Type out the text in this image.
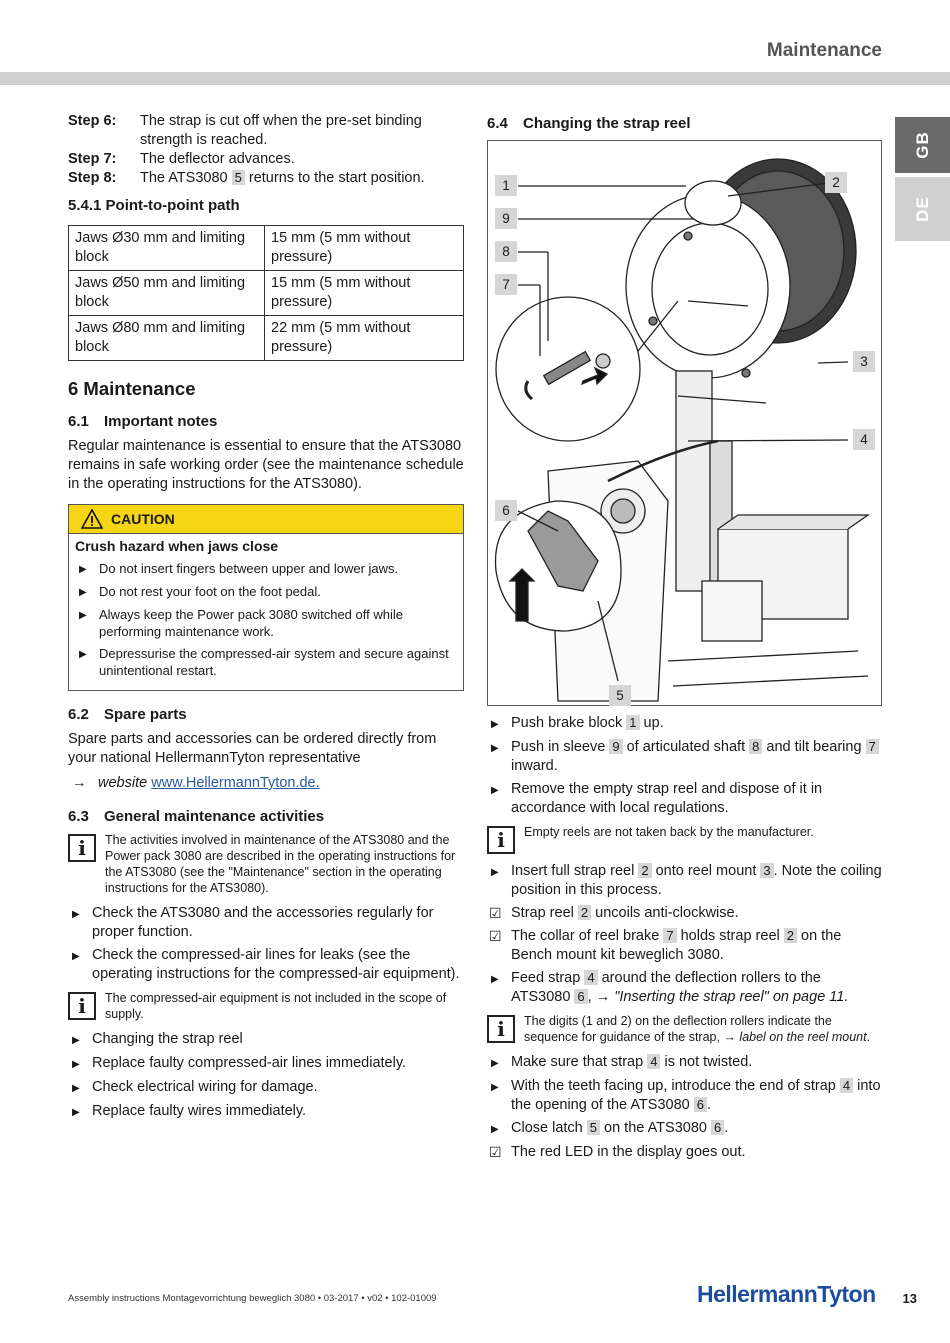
Maintenance
GB
DE
Step 6:	The strap is cut off when the pre-set binding strength is reached.
Step 7:	The deflector advances.
Step 8:	The ATS3080 5 returns to the start position.
5.4.1 Point-to-point path
Jaws Ø30 mm and limiting block	15 mm (5 mm without pressure)
Jaws Ø50 mm and limiting block	15 mm (5 mm without pressure)
Jaws Ø80 mm and limiting block	22 mm (5 mm without pressure)
6 Maintenance
6.1 Important notes

Regular maintenance is essential to ensure that the ATS3080 remains in safe working order (see the maintenance schedule in the operating instructions for the ATS3080).

CAUTION
Crush hazard when jaws close
▶ Do not insert fingers between upper and lower jaws.
▶ Do not rest your foot on the foot pedal.
▶ Always keep the Power pack 3080 switched off while performing maintenance work.
▶ Depressurise the compressed-air system and secure against unintentional restart.
6.2 Spare parts

Spare parts and accessories can be ordered directly from your national HellermannTyton representative

→ website www.HellermannTyton.de.
6.3 General maintenance activities
i	The activities involved in maintenance of the ATS3080 and the Power pack 3080 are described in the operating instructions for the ATS3080 (see the "Maintenance" section in the operating instructions for the ATS3080).
▶ Check the ATS3080 and the accessories regularly for proper function.
▶ Check the compressed-air lines for leaks (see the operating instructions for the compressed-air equipment).
i	The compressed-air equipment is not included in the scope of supply.
▶ Changing the strap reel
▶ Replace faulty compressed-air lines immediately.
▶ Check electrical wiring for damage.
▶ Replace faulty wires immediately.
6.4 Changing the strap reel
1
9
8
7
6
2
3
4
5
▶ Push brake block 1 up.
▶ Push in sleeve 9 of articulated shaft 8 and tilt bearing 7 inward.
▶ Remove the empty strap reel and dispose of it in accordance with local regulations.
i	Empty reels are not taken back by the manufacturer.
▶ Insert full strap reel 2 onto reel mount 3 . Note the coiling position in this process.
☑ Strap reel 2 uncoils anti-clockwise.
☑ The collar of reel brake 7 holds strap reel 2 on the Bench mount kit beweglich 3080.
▶ Feed strap 4 around the deflection rollers to the ATS3080 6 , → "Inserting the strap reel" on page 11.
i	The digits (1 and 2) on the deflection rollers indicate the sequence for guidance of the strap, → label on the reel mount.
▶ Make sure that strap 4 is not twisted.
▶ With the teeth facing up, introduce the end of strap 4 into the opening of the ATS3080 6 .
▶ Close latch 5 on the ATS3080 6 .
☑ The red LED in the display goes out.
Assembly instructions Montagevorrichtung beweglich 3080 • 03-2017 • v02 • 102-01009	HellermannTyton 13
